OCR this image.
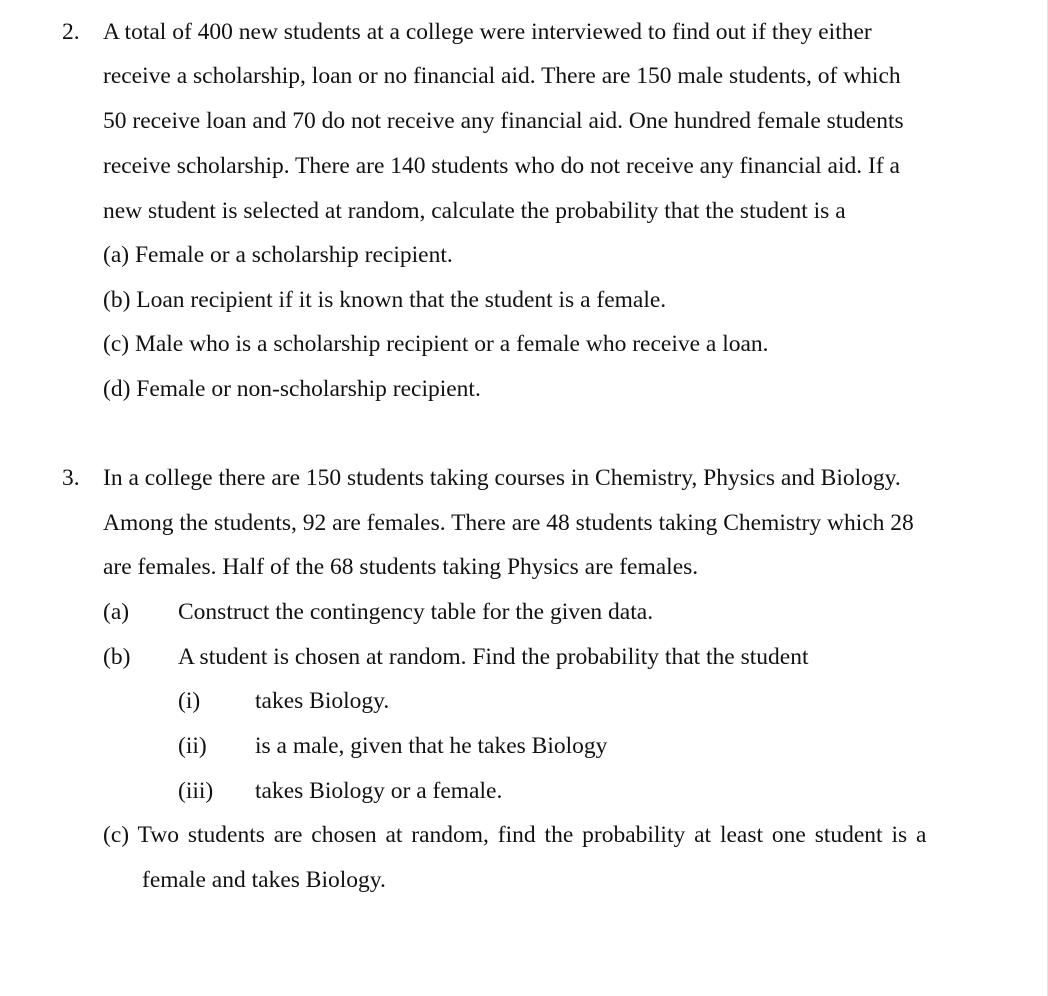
2. A total of 400 new students at a college were interviewed to find out if they either
receive a scholarship, loan or no financial aid. There are 150 male students, of which
50 receive loan and 70 do not receive any financial aid. One hundred female students
receive scholarship. There are 140 students who do not receive any financial aid. If a
new student is selected at random, calculate the probability that the student is a
(a) Female or a scholarship recipient.
(b) Loan recipient if it is known that the student is a female.
(c) Male who is a scholarship recipient or a female who receive a loan.
(d) Female or non-scholarship recipient.
3. In a college there are 150 students taking courses in Chemistry, Physics and Biology.
Among the students, 92 are females. There are 48 students taking Chemistry which 28
are females. Half of the 68 students taking Physics are females.
(a) Construct the contingency table for the given data.
(b) A student is chosen at random. Find the probability that the student
(i) takes Biology.
(ii) is a male, given that he takes Biology
(iii) takes Biology or a female.
(c) Two students are chosen at random, find the probability at least one student is a
female and takes Biology.
